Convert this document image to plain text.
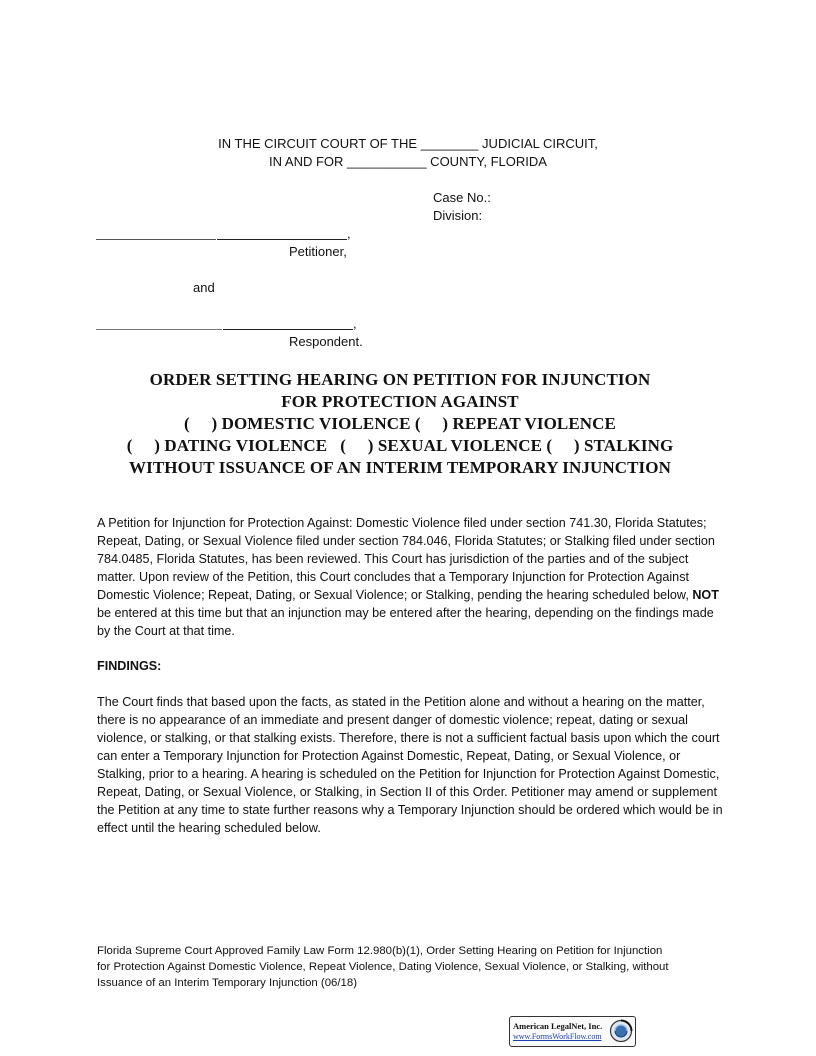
IN THE CIRCUIT COURT OF THE ________ JUDICIAL CIRCUIT,
IN AND FOR ___________ COUNTY, FLORIDA
Case No.:
Division:
,
Petitioner,
and
,
Respondent.
ORDER SETTING HEARING ON PETITION FOR INJUNCTION
FOR PROTECTION AGAINST
(     ) DOMESTIC VIOLENCE (     ) REPEAT VIOLENCE
(     ) DATING VIOLENCE   (     ) SEXUAL VIOLENCE (     ) STALKING
WITHOUT ISSUANCE OF AN INTERIM TEMPORARY INJUNCTION
A Petition for Injunction for Protection Against: Domestic Violence filed under section 741.30, Florida Statutes; Repeat, Dating, or Sexual Violence filed under section 784.046, Florida Statutes; or Stalking filed under section 784.0485, Florida Statutes, has been reviewed. This Court has jurisdiction of the parties and of the subject matter. Upon review of the Petition, this Court concludes that a Temporary Injunction for Protection Against Domestic Violence; Repeat, Dating, or Sexual Violence; or Stalking, pending the hearing scheduled below, NOT be entered at this time but that an injunction may be entered after the hearing, depending on the findings made by the Court at that time.
FINDINGS:
The Court finds that based upon the facts, as stated in the Petition alone and without a hearing on the matter, there is no appearance of an immediate and present danger of domestic violence; repeat, dating or sexual violence, or stalking, or that stalking exists. Therefore, there is not a sufficient factual basis upon which the court can enter a Temporary Injunction for Protection Against Domestic, Repeat, Dating, or Sexual Violence, or Stalking, prior to a hearing. A hearing is scheduled on the Petition for Injunction for Protection Against Domestic, Repeat, Dating, or Sexual Violence, or Stalking, in Section II of this Order. Petitioner may amend or supplement the Petition at any time to state further reasons why a Temporary Injunction should be ordered which would be in effect until the hearing scheduled below.
Florida Supreme Court Approved Family Law Form 12.980(b)(1), Order Setting Hearing on Petition for Injunction
for Protection Against Domestic Violence, Repeat Violence, Dating Violence, Sexual Violence, or Stalking, without
Issuance of an Interim Temporary Injunction (06/18)
American LegalNet, Inc.
www.FormsWorkFlow.com
